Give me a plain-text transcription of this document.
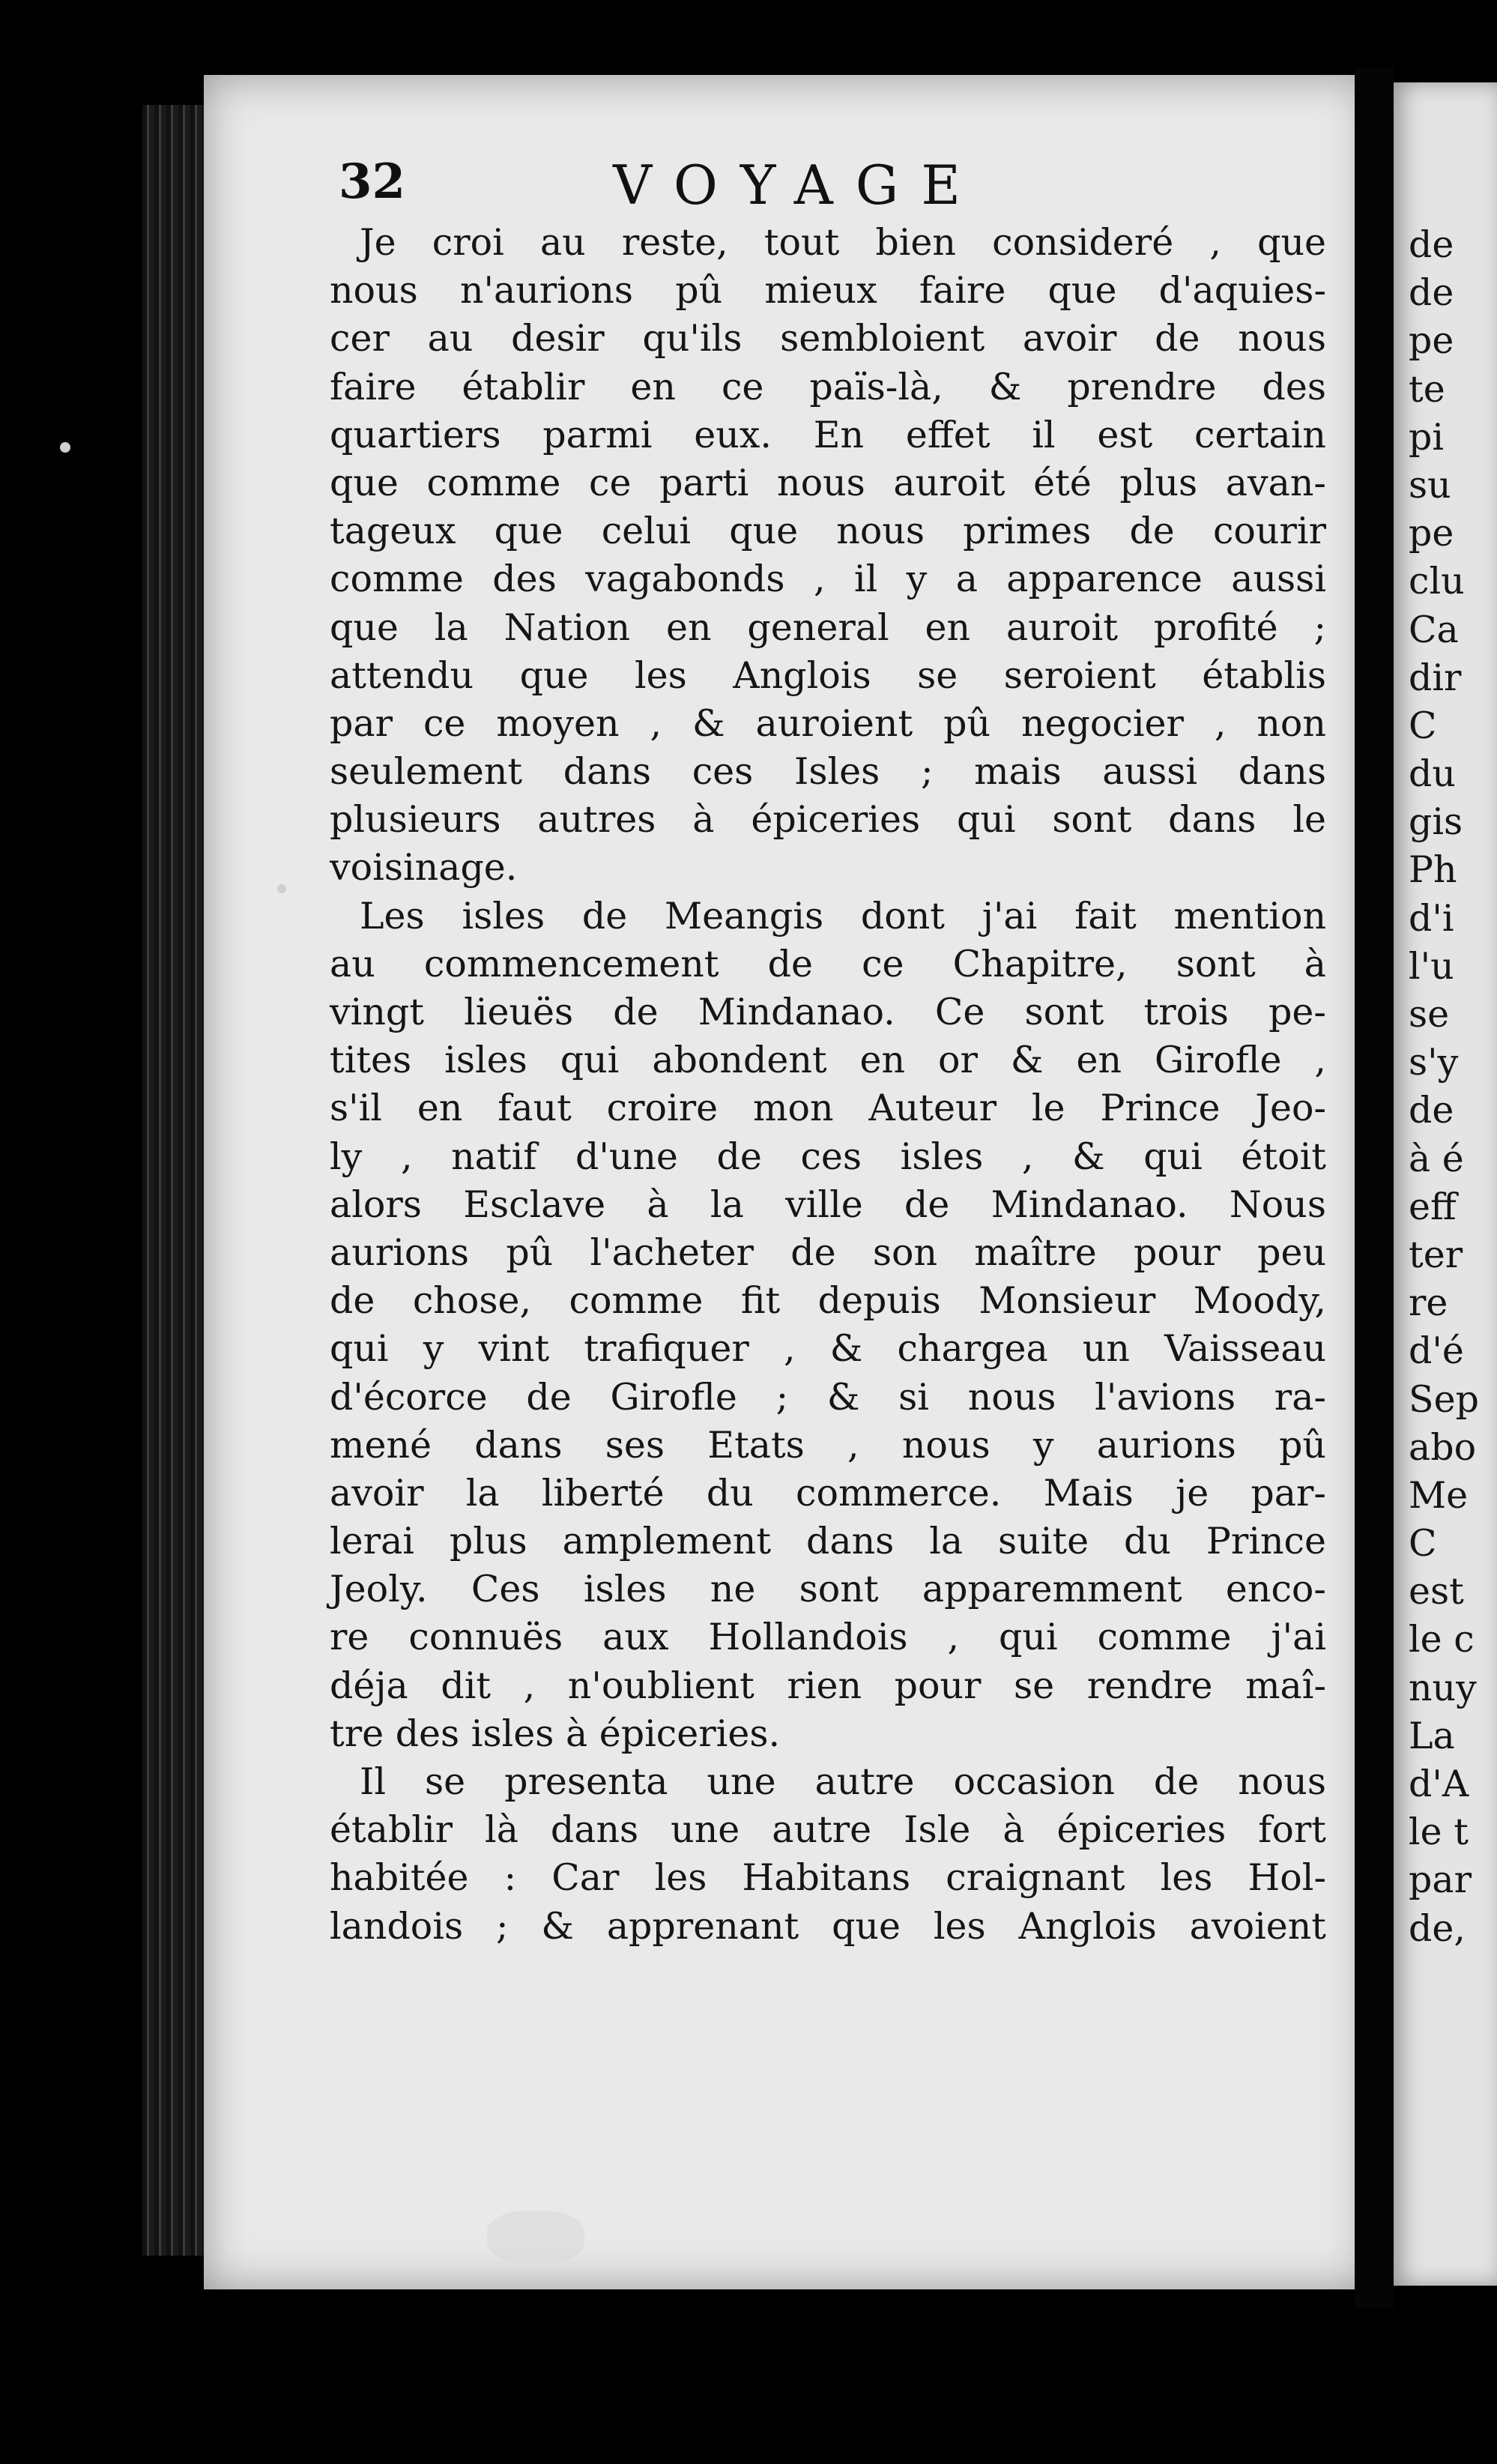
32	VOYAGE

Je croi au reste, tout bien consideré , que
nous n'aurions pû mieux faire que d'aquies-
cer au desir qu'ils sembloient avoir de nous
faire établir en ce païs-là, & prendre des
quartiers parmi eux. En effet il est certain
que comme ce parti nous auroit été plus avan-
tageux que celui que nous primes de courir
comme des vagabonds , il y a apparence aussi
que la Nation en general en auroit profité ;
attendu que les Anglois se seroient établis
par ce moyen , & auroient pû negocier , non
seulement dans ces Isles ; mais aussi dans
plusieurs autres à épiceries qui sont dans le
voisinage.

Les isles de Meangis dont j'ai fait mention
au commencement de ce Chapitre, sont à
vingt lieuës de Mindanao. Ce sont trois pe-
tites isles qui abondent en or & en Girofle ,
s'il en faut croire mon Auteur le Prince Jeo-
ly , natif d'une de ces isles , & qui étoit
alors Esclave à la ville de Mindanao. Nous
aurions pû l'acheter de son maître pour peu
de chose, comme fit depuis Monsieur Moody,
qui y vint trafiquer , & chargea un Vaisseau
d'écorce de Girofle ; & si nous l'avions ra-
mené dans ses Etats , nous y aurions pû
avoir la liberté du commerce. Mais je par-
lerai plus amplement dans la suite du Prince
Jeoly. Ces isles ne sont apparemment enco-
re connuës aux Hollandois , qui comme j'ai
déja dit , n'oublient rien pour se rendre maî-
tre des isles à épiceries.

Il se presenta une autre occasion de nous
établir là dans une autre Isle à épiceries fort
habitée : Car les Habitans craignant les Hol-
landois ; & apprenant que les Anglois avoient

de
de
pe
te
pi
su
pe
clu
Ca
dir
C
du
gis
Ph
d'i
l'u
se
s'y
de
à é
eff
ter
re
d'é
Sep
abo
Me
C
est
le c
nuy
La
d'A
le t
par
de,
